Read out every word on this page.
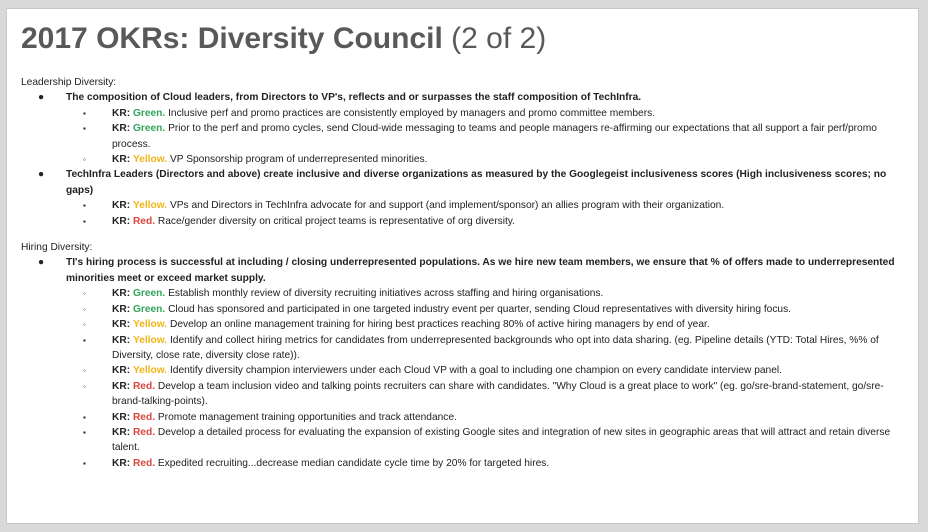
2017 OKRs: Diversity Council (2 of 2)
Leadership Diversity:
● The composition of Cloud leaders, from Directors to VP's, reflects and or surpasses the staff composition of TechInfra.
▪	KR: Green. Inclusive perf and promo practices are consistently employed by managers and promo committee members.
▪	KR: Green. Prior to the perf and promo cycles, send Cloud-wide messaging to teams and people managers re-affirming our expectations that all support a fair perf/promo process.
◦	KR: Yellow. VP Sponsorship program of underrepresented minorities.
● TechInfra Leaders (Directors and above) create inclusive and diverse organizations as measured by the Googlegeist inclusiveness scores (High inclusiveness scores; no gaps)
▪	KR: Yellow. VPs and Directors in TechInfra advocate for and support (and implement/sponsor) an allies program with their organization.
▪	KR: Red. Race/gender diversity on critical project teams is representative of org diversity.
Hiring Diversity:
● TI's hiring process is successful at including / closing underrepresented populations. As we hire new team members, we ensure that % of offers made to underrepresented minorities meet or exceed market supply.
◦	KR: Green. Establish monthly review of diversity recruiting initiatives across staffing and hiring organisations.
◦	KR: Green. Cloud has sponsored and participated in one targeted industry event per quarter, sending Cloud representatives with diversity hiring focus.
◦	KR: Yellow. Develop an online management training for hiring best practices reaching 80% of active hiring managers by end of year.
▪	KR: Yellow. Identify and collect hiring metrics for candidates from underrepresented backgrounds who opt into data sharing. (eg. Pipeline details (YTD: Total Hires, %% of Diversity, close rate, diversity close rate)).
◦	KR: Yellow. Identify diversity champion interviewers under each Cloud VP with a goal to including one champion on every candidate interview panel.
◦	KR: Red. Develop a team inclusion video and talking points recruiters can share with candidates. "Why Cloud is a great place to work" (eg. go/sre-brand-statement, go/sre-brand-talking-points).
▪	KR: Red. Promote management training opportunities and track attendance.
▪	KR: Red. Develop a detailed process for evaluating the expansion of existing Google sites and integration of new sites in geographic areas that will attract and retain diverse talent.
▪	KR: Red. Expedited recruiting...decrease median candidate cycle time by 20% for targeted hires.
